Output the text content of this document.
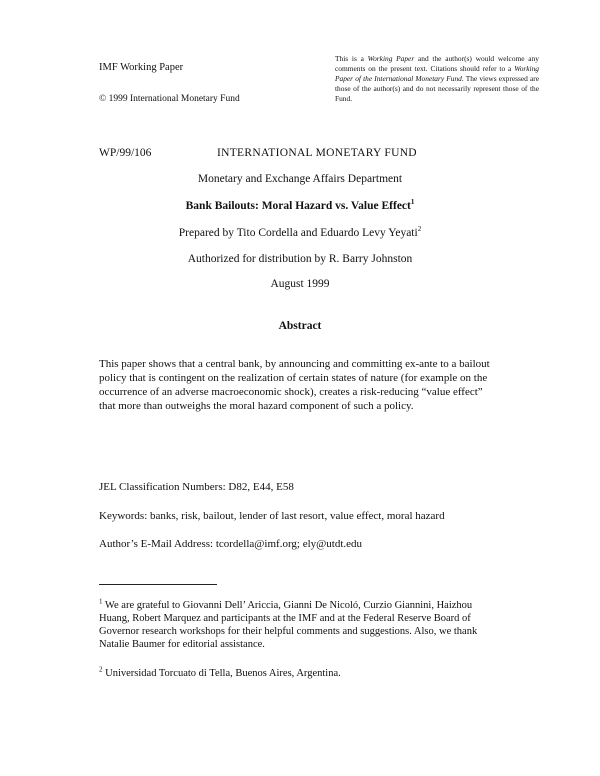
IMF Working Paper
© 1999 International Monetary Fund
This is a Working Paper and the author(s) would welcome any comments on the present text. Citations should refer to a Working Paper of the International Monetary Fund. The views expressed are those of the author(s) and do not necessarily represent those of the Fund.
WP/99/106	INTERNATIONAL MONETARY FUND
Monetary and Exchange Affairs Department
Bank Bailouts: Moral Hazard vs. Value Effect$^1$
Prepared by Tito Cordella and Eduardo Levy Yeyati$^2$
Authorized for distribution by R. Barry Johnston
August 1999
Abstract
This paper shows that a central bank, by announcing and committing ex-ante to a bailout policy that is contingent on the realization of certain states of nature (for example on the occurrence of an adverse macroeconomic shock), creates a risk-reducing “value effect” that more than outweighs the moral hazard component of such a policy.
JEL Classification Numbers: D82, E44, E58
Keywords: banks, risk, bailout, lender of last resort, value effect, moral hazard
Author’s E-Mail Address: tcordella@imf.org; ely@utdt.edu
$^1$ We are grateful to Giovanni Dell’ Ariccia, Gianni De Nicoló, Curzio Giannini, Haizhou Huang, Robert Marquez and participants at the IMF and at the Federal Reserve Board of Governor research workshops for their helpful comments and suggestions. Also, we thank Natalie Baumer for editorial assistance.
$^2$ Universidad Torcuato di Tella, Buenos Aires, Argentina.
